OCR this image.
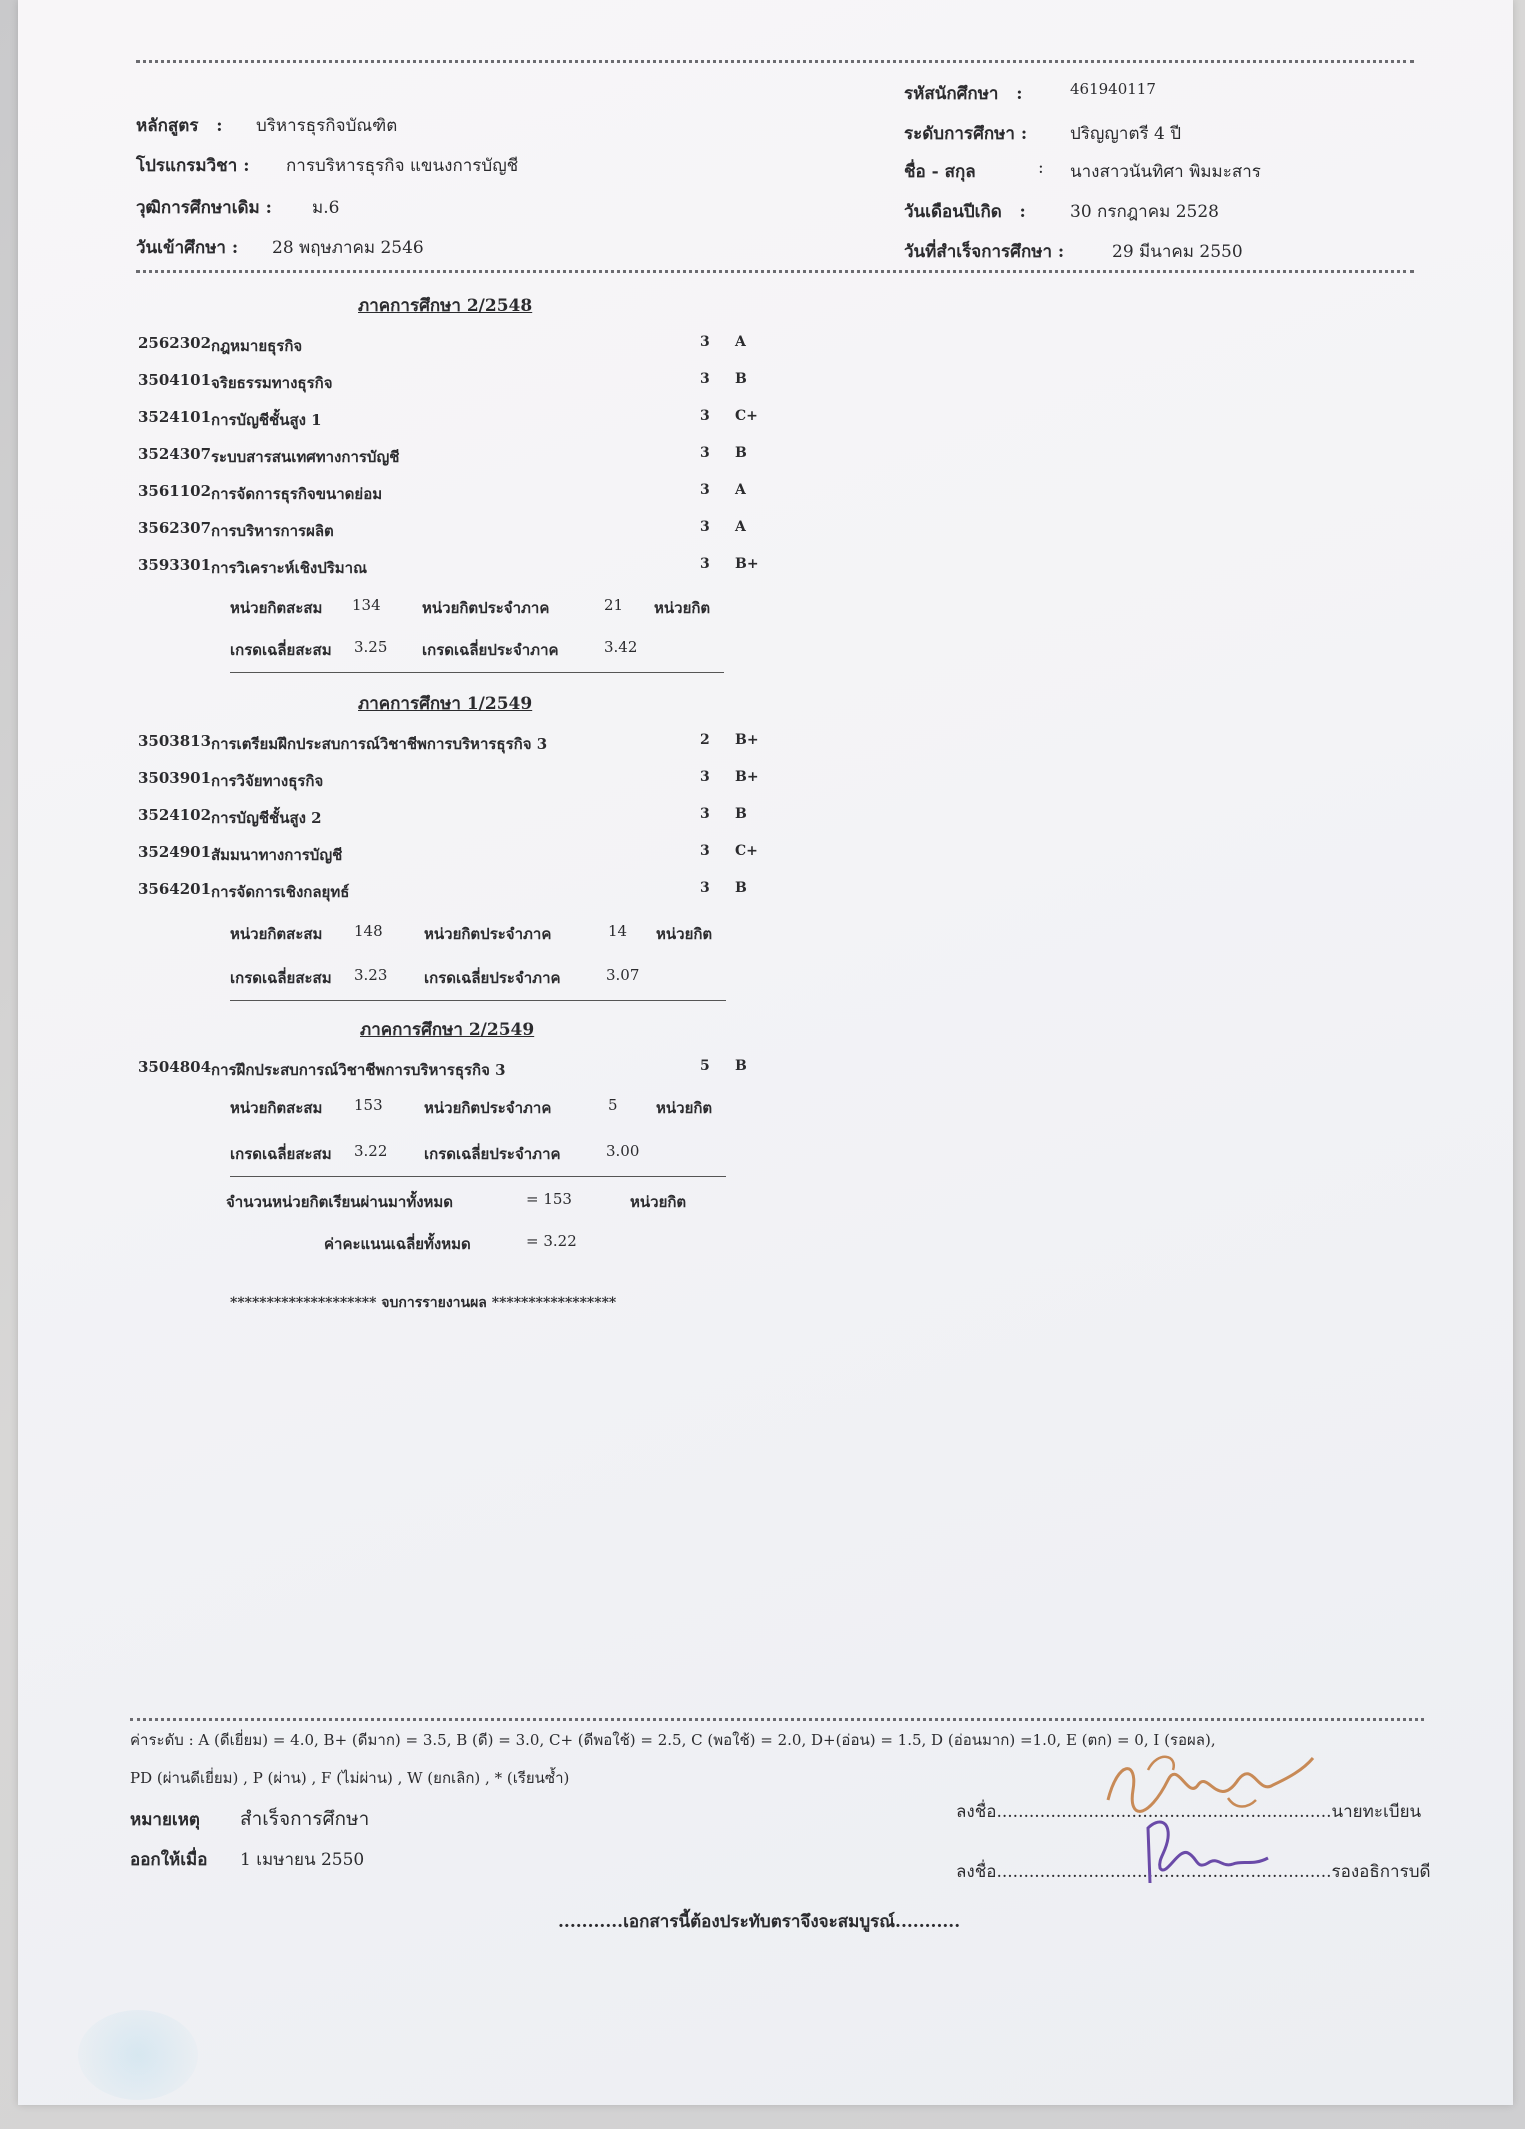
รหัสนักศึกษา   :	461940117
ระดับการศึกษา :	ปริญญาตรี 4 ปี
ชื่อ - สกุล	: นางสาวนันทิศา พิมมะสาร
วันเดือนปีเกิด   :	30 กรกฎาคม 2528
วันที่สำเร็จการศึกษา :	29 มีนาคม 2550
หลักสูตร   : บริหารธุรกิจบัณฑิต
โปรแกรมวิชา : การบริหารธุรกิจ แขนงการบัญชี
วุฒิการศึกษาเดิม : ม.6
วันเข้าศึกษา : 28 พฤษภาคม 2546
ภาคการศึกษา 2/2548
2562302 กฎหมายธุรกิจ	3 A
3504101 จริยธรรมทางธุรกิจ	3 B
3524101 การบัญชีชั้นสูง 1	3 C+
3524307 ระบบสารสนเทศทางการบัญชี	3 B
3561102 การจัดการธุรกิจขนาดย่อม	3 A
3562307 การบริหารการผลิต	3 A
3593301 การวิเคราะห์เชิงปริมาณ	3 B+
หน่วยกิตสะสม 134	หน่วยกิตประจำภาค	21 หน่วยกิต
เกรดเฉลี่ยสะสม 3.25 เกรดเฉลี่ยประจำภาค	3.42
ภาคการศึกษา 1/2549
3503813 การเตรียมฝึกประสบการณ์วิชาชีพการบริหารธุรกิจ 3	2 B+
3503901 การวิจัยทางธุรกิจ	3 B+
3524102 การบัญชีชั้นสูง 2	3 B
3524901 สัมมนาทางการบัญชี	3 C+
3564201 การจัดการเชิงกลยุทธ์	3 B
หน่วยกิตสะสม 148	หน่วยกิตประจำภาค	14 หน่วยกิต
เกรดเฉลี่ยสะสม 3.23 เกรดเฉลี่ยประจำภาค	3.07
ภาคการศึกษา 2/2549
3504804 การฝึกประสบการณ์วิชาชีพการบริหารธุรกิจ 3	5 B
หน่วยกิตสะสม 153	หน่วยกิตประจำภาค	5	หน่วยกิต
เกรดเฉลี่ยสะสม 3.22 เกรดเฉลี่ยประจำภาค	3.00
จำนวนหน่วยกิตเรียนผ่านมาทั้งหมด	= 153	หน่วยกิต
ค่าคะแนนเฉลี่ยทั้งหมด	= 3.22
******************** จบการรายงานผล *****************
ค่าระดับ : A (ดีเยี่ยม) = 4.0, B+ (ดีมาก) = 3.5, B (ดี) = 3.0, C+ (ดีพอใช้) = 2.5, C (พอใช้) = 2.0, D+(อ่อน) = 1.5, D (อ่อนมาก) =1.0, E (ตก) = 0, I (รอผล),
PD (ผ่านดีเยี่ยม) , P (ผ่าน) , F (ไม่ผ่าน) , W (ยกเลิก) , * (เรียนซ้ำ)
หมายเหตุ สำเร็จการศึกษา
ออกให้เมื่อ 1 เมษายน 2550
ลงชื่อ..............................................................นายทะเบียน
ลงชื่อ..............................................................รองอธิการบดี
...........เอกสารนี้ต้องประทับตราจึงจะสมบูรณ์...........
